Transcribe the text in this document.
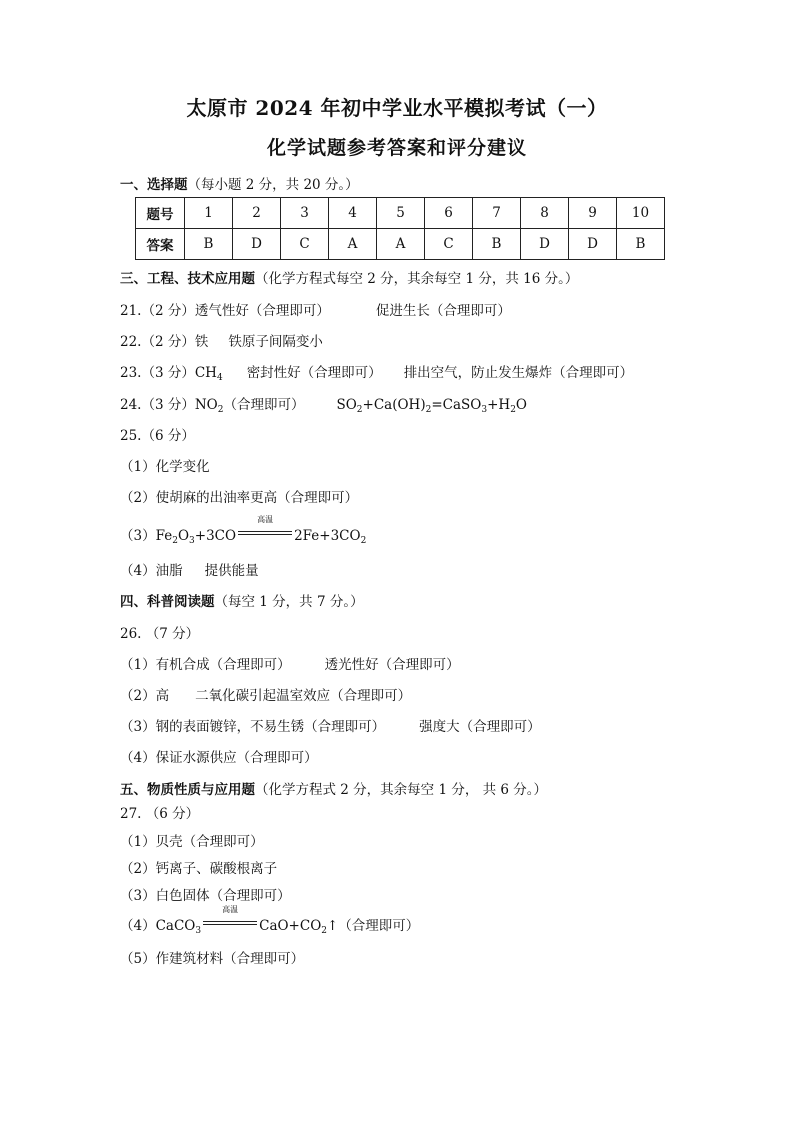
太原市 2024 年初中学业水平模拟考试（一）
化学试题参考答案和评分建议
一、选择题（每小题 2 分，共 20 分。）
题号	1	2	3	4	5	6	7	8	9	10
答案	B	D	C	A	A	C	B	D	D	B
三、工程、技术应用题（化学方程式每空 2 分，其余每空 1 分，共 16 分。）
21.（2 分）透气性好（合理即可）	促进生长（合理即可）
22.（2 分）铁 铁原子间隔变小
23.（3 分）$CH_4$ 密封性好（合理即可） 排出空气，防止发生爆炸（合理即可）
24.（3 分）$NO_2$（合理即可） $SO_2+Ca(OH)_2=CaSO_3+H_2O$
25.（6 分）
（1）化学变化
（2）使胡麻的出油率更高（合理即可）
$(3)Fe_2O_3+3CO$
高温
$2Fe+3CO_2$
（4）油脂 提供能量
四、科普阅读题（每空 1 分，共 7 分。）
26. （7 分）
（1）有机合成（合理即可）	透光性好（合理即可）
（2）高 二氧化碳引起温室效应（合理即可）
（3）钢的表面镀锌，不易生锈（合理即可）	强度大（合理即可）
（4）保证水源供应（合理即可）
五、物质性质与应用题（化学方程式 2 分，其余每空 1 分， 共 6 分。）
27. （6 分）
（1）贝壳（合理即可）
（2）钙离子、碳酸根离子
（3）白色固体（合理即可）
（4）CaCO$_3$
高温
$CaO+CO_2↑$（合理即可）
（5）作建筑材料（合理即可）
